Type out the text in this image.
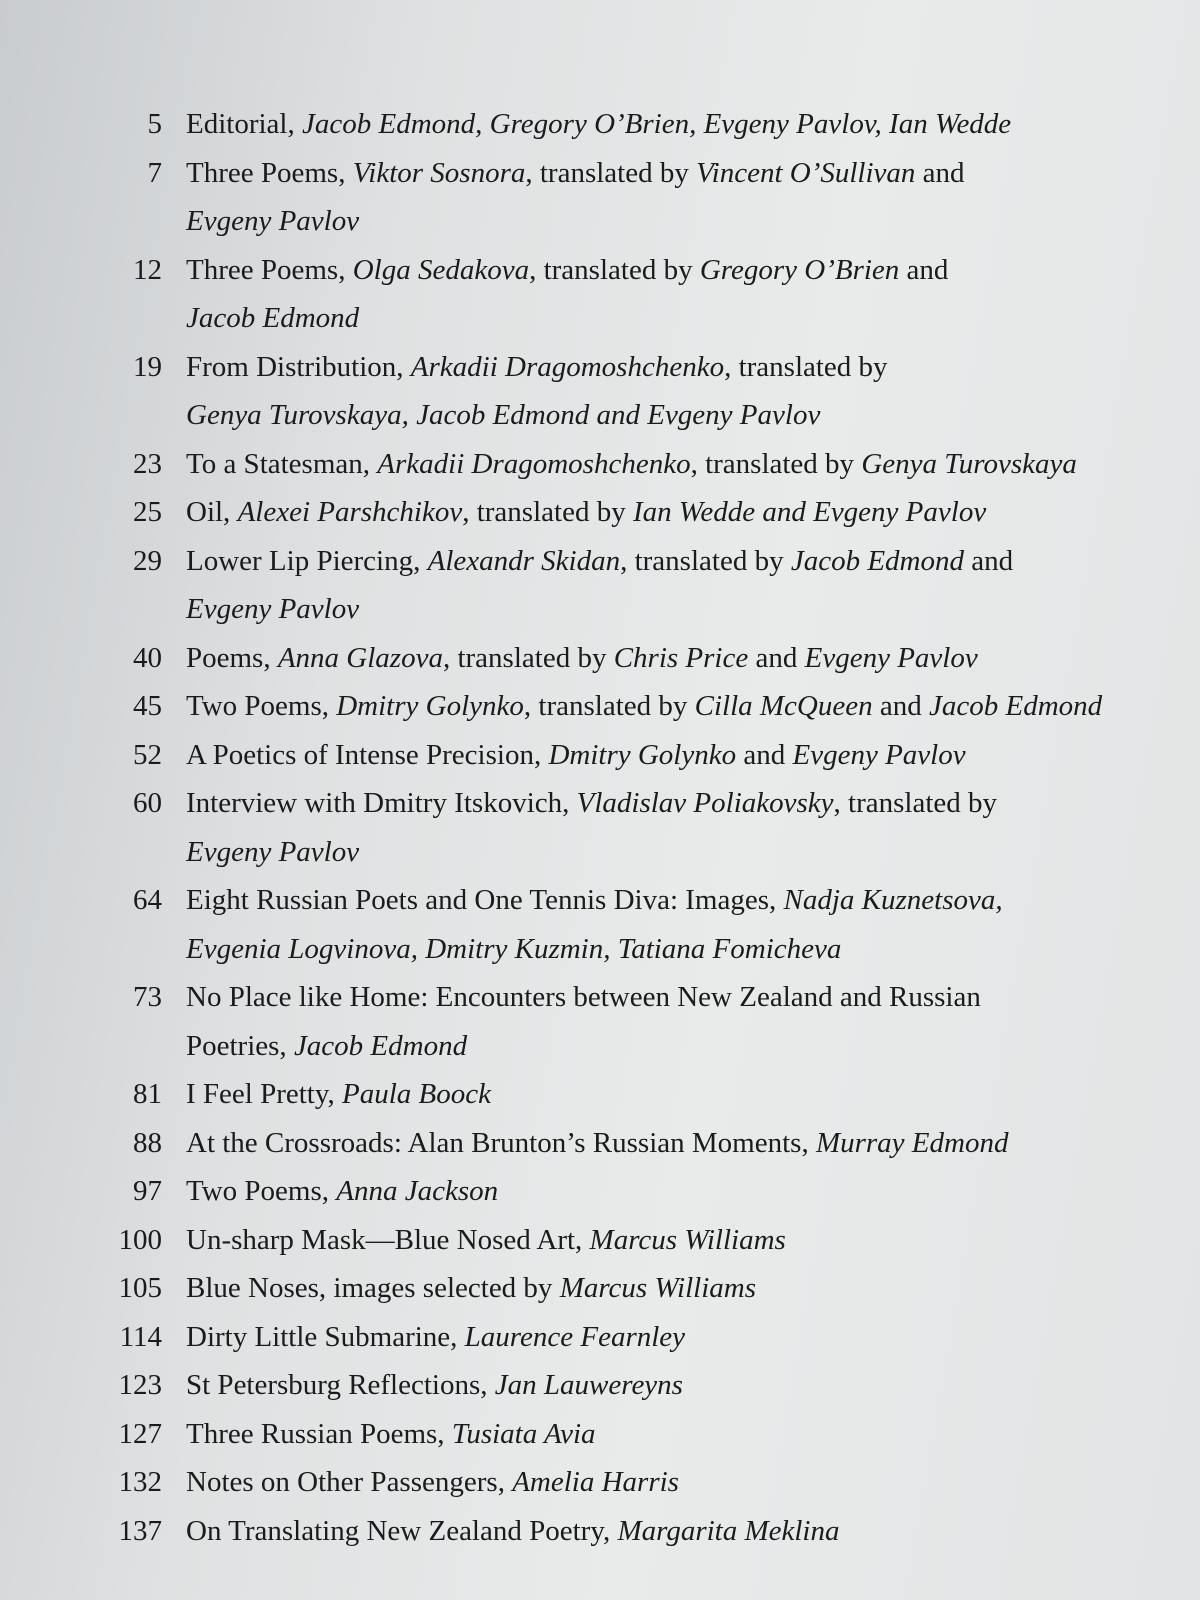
5 Editorial, Jacob Edmond, Gregory O’Brien, Evgeny Pavlov, Ian Wedde
7 Three Poems, Viktor Sosnora, translated by Vincent O’Sullivan and
Evgeny Pavlov
12 Three Poems, Olga Sedakova, translated by Gregory O’Brien and
Jacob Edmond
19 From Distribution, Arkadii Dragomoshchenko, translated by
Genya Turovskaya, Jacob Edmond and Evgeny Pavlov
23 To a Statesman, Arkadii Dragomoshchenko, translated by Genya Turovskaya
25 Oil, Alexei Parshchikov, translated by Ian Wedde and Evgeny Pavlov
29 Lower Lip Piercing, Alexandr Skidan, translated by Jacob Edmond and
Evgeny Pavlov
40 Poems, Anna Glazova, translated by Chris Price and Evgeny Pavlov
45 Two Poems, Dmitry Golynko, translated by Cilla McQueen and Jacob Edmond
52 A Poetics of Intense Precision, Dmitry Golynko and Evgeny Pavlov
60 Interview with Dmitry Itskovich, Vladislav Poliakovsky, translated by
Evgeny Pavlov
64 Eight Russian Poets and One Tennis Diva: Images, Nadja Kuznetsova,
Evgenia Logvinova, Dmitry Kuzmin, Tatiana Fomicheva
73 No Place like Home: Encounters between New Zealand and Russian
Poetries, Jacob Edmond
81 I Feel Pretty, Paula Boock
88 At the Crossroads: Alan Brunton’s Russian Moments, Murray Edmond
97 Two Poems, Anna Jackson
100 Un-sharp Mask—Blue Nosed Art, Marcus Williams
105 Blue Noses, images selected by Marcus Williams
114 Dirty Little Submarine, Laurence Fearnley
123 St Petersburg Reflections, Jan Lauwereyns
127 Three Russian Poems, Tusiata Avia
132 Notes on Other Passengers, Amelia Harris
137 On Translating New Zealand Poetry, Margarita Meklina
